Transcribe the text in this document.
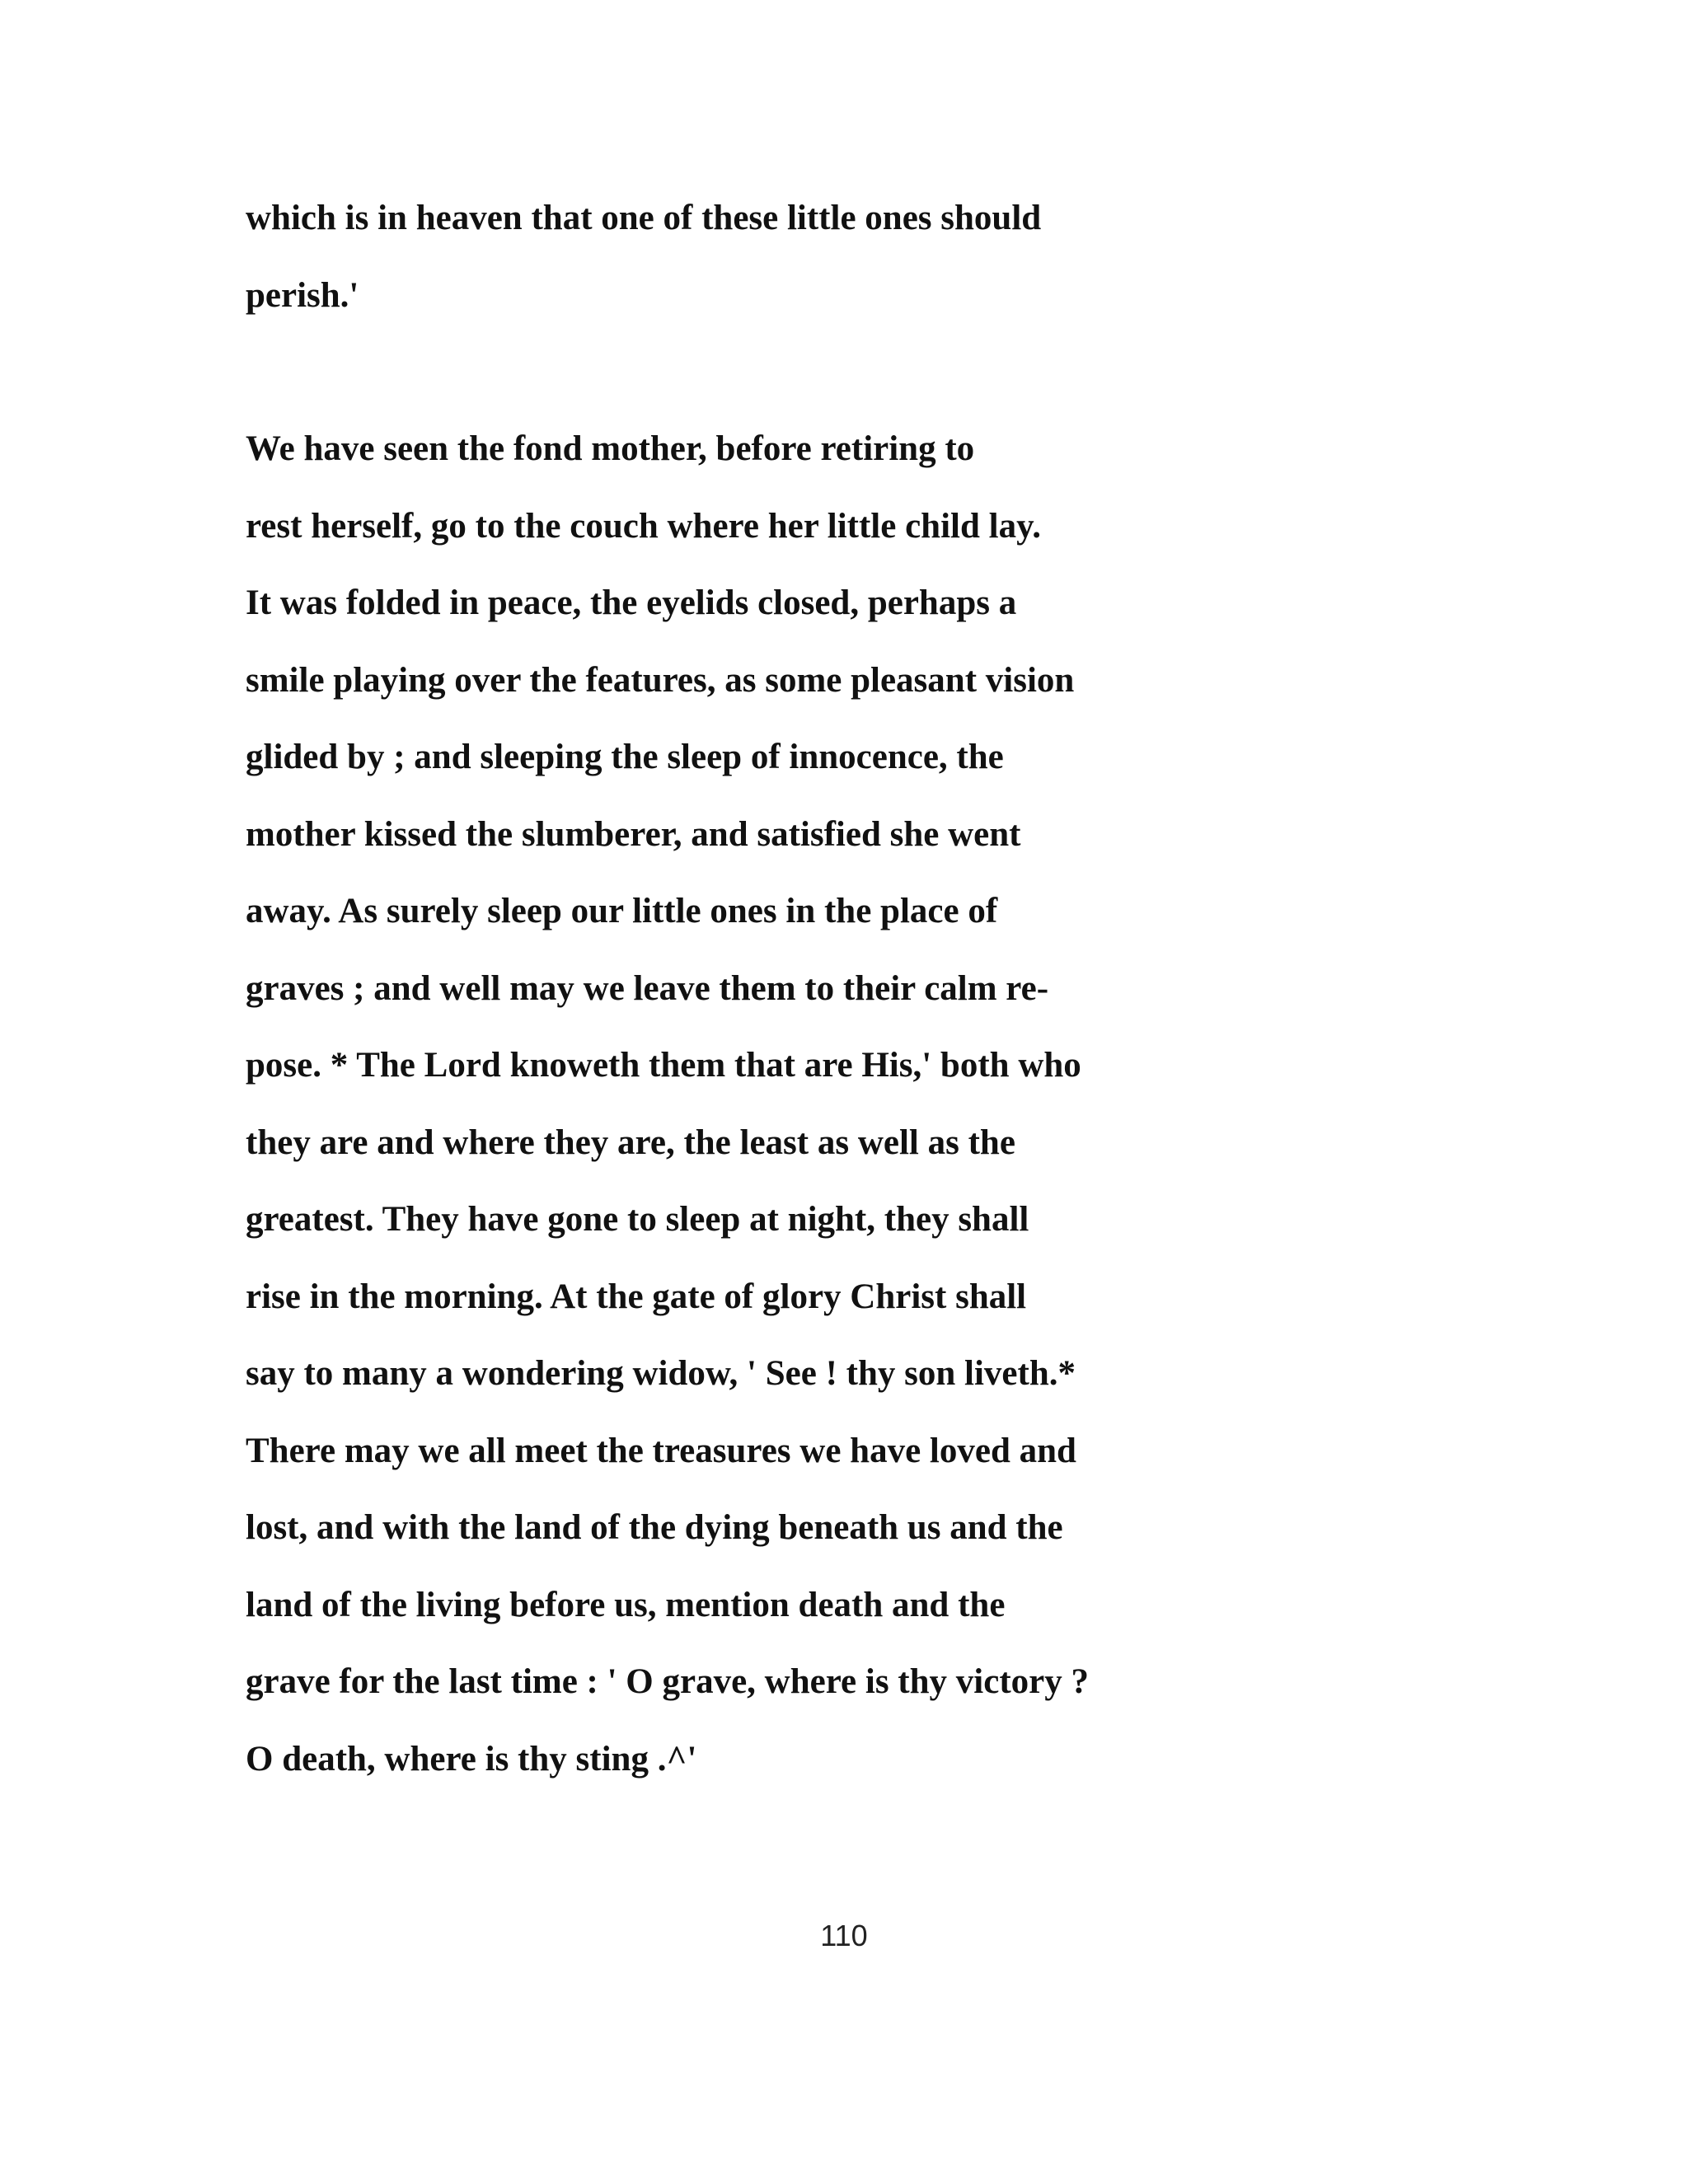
which is in heaven that one of these little ones should
perish.'
We have seen the fond mother, before retiring to
rest herself, go to the couch where her little child lay.
It was folded in peace, the eyelids closed, perhaps a
smile playing over the features, as some pleasant vision
glided by ; and sleeping the sleep of innocence, the
mother kissed the slumberer, and satisfied she went
away. As surely sleep our little ones in the place of
graves ; and well may we leave them to their calm re-
pose. * The Lord knoweth them that are His,' both who
they are and where they are, the least as well as the
greatest. They have gone to sleep at night, they shall
rise in the morning. At the gate of glory Christ shall
say to many a wondering widow, ' See ! thy son liveth.*
There may we all meet the treasures we have loved and
lost, and with the land of the dying beneath us and the
land of the living before us, mention death and the
grave for the last time : ' O grave, where is thy victory ?
O death, where is thy sting .^'
110
